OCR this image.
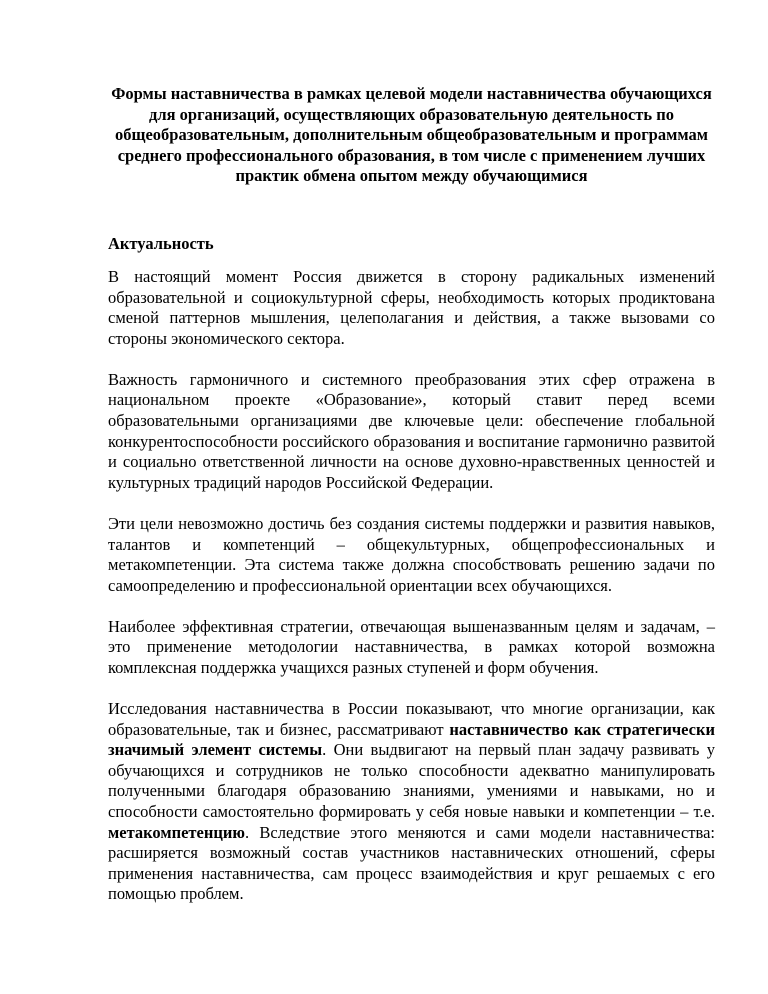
Формы наставничества в рамках целевой модели наставничества обучающихся для организаций, осуществляющих образовательную деятельность по общеобразовательным, дополнительным общеобразовательным и программам среднего профессионального образования, в том числе с применением лучших практик обмена опытом между обучающимися

Актуальность

В настоящий момент Россия движется в сторону радикальных изменений образовательной и социокультурной сферы, необходимость которых продиктована сменой паттернов мышления, целеполагания и действия, а также вызовами со стороны экономического сектора.

Важность гармоничного и системного преобразования этих сфер отражена в национальном проекте «Образование», который ставит перед всеми образовательными организациями две ключевые цели: обеспечение глобальной конкурентоспособности российского образования и воспитание гармонично развитой и социально ответственной личности на основе духовно-нравственных ценностей и культурных традиций народов Российской Федерации.

Эти цели невозможно достичь без создания системы поддержки и развития навыков, талантов и компетенций – общекультурных, общепрофессиональных и метакомпетенции. Эта система также должна способствовать решению задачи по самоопределению и профессиональной ориентации всех обучающихся.

Наиболее эффективная стратегии, отвечающая вышеназванным целям и задачам, – это применение методологии наставничества, в рамках которой возможна комплексная поддержка учащихся разных ступеней и форм обучения.

Исследования наставничества в России показывают, что многие организации, как образовательные, так и бизнес, рассматривают наставничество как стратегически значимый элемент системы. Они выдвигают на первый план задачу развивать у обучающихся и сотрудников не только способности адекватно манипулировать полученными благодаря образованию знаниями, умениями и навыками, но и способности самостоятельно формировать у себя новые навыки и компетенции – т.е. метакомпетенцию. Вследствие этого меняются и сами модели наставничества: расширяется возможный состав участников наставнических отношений, сферы применения наставничества, сам процесс взаимодействия и круг решаемых с его помощью проблем.
